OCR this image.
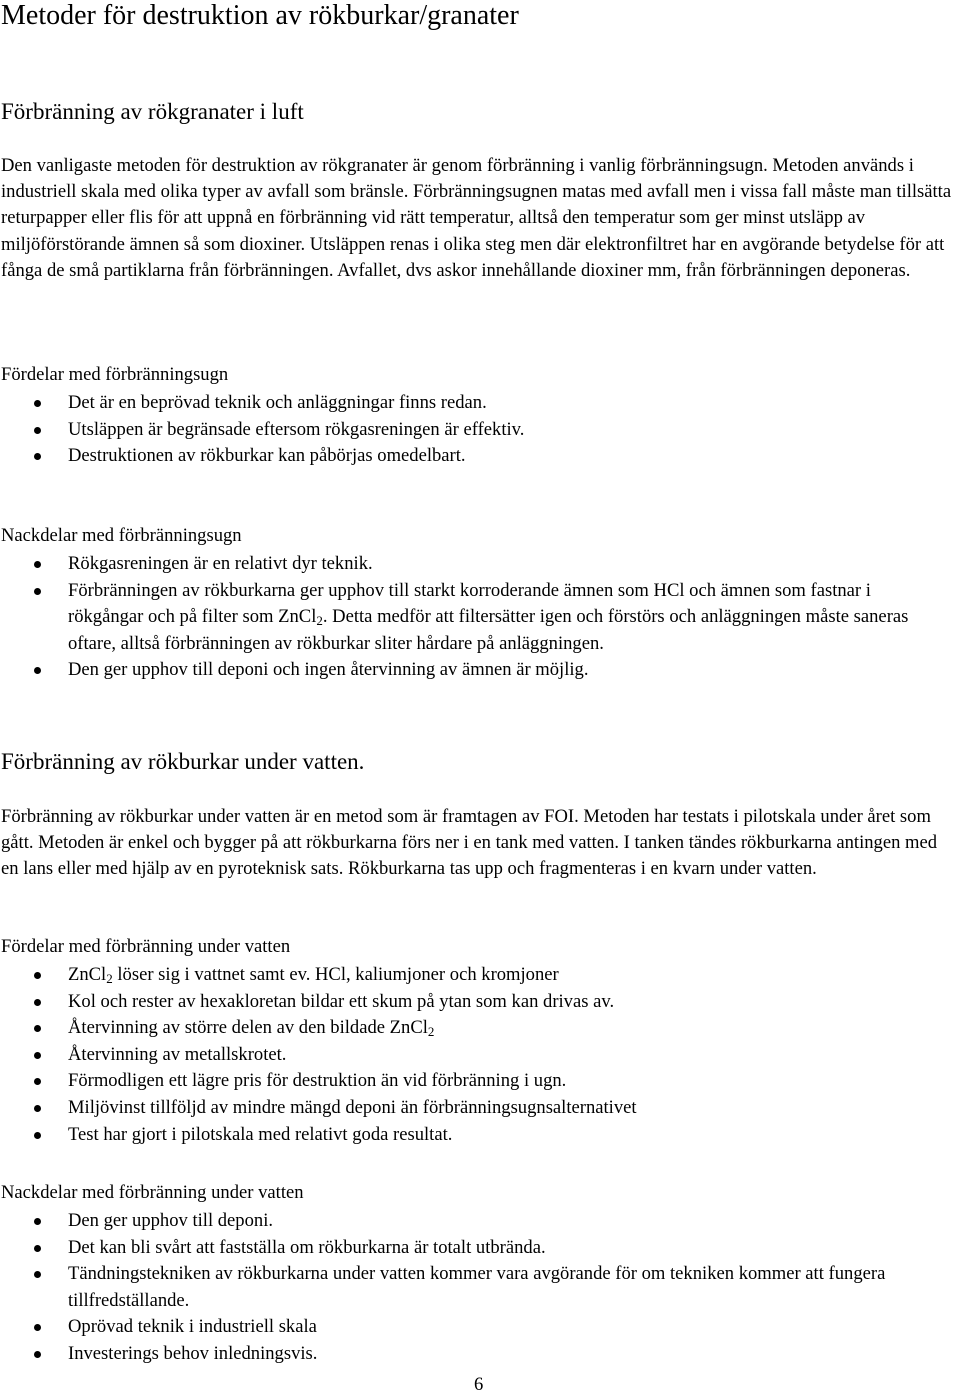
Metoder för destruktion av rökburkar/granater
Förbränning av rökgranater i luft
Den vanligaste metoden för destruktion av rökgranater är genom förbränning i vanlig förbränningsugn. Metoden används i industriell skala med olika typer av avfall som bränsle. Förbränningsugnen matas med avfall men i vissa fall måste man tillsätta returpapper eller flis för att uppnå en förbränning vid rätt temperatur, alltså den temperatur som ger minst utsläpp av miljöförstörande ämnen så som dioxiner. Utsläppen renas i olika steg men där elektronfiltret har en avgörande betydelse för att fånga de små partiklarna från förbränningen. Avfallet, dvs askor innehållande dioxiner mm, från förbränningen deponeras.
Fördelar med förbränningsugn
Det är en beprövad teknik och anläggningar finns redan.
Utsläppen är begränsade eftersom rökgasreningen är effektiv.
Destruktionen av rökburkar kan påbörjas omedelbart.
Nackdelar med förbränningsugn
Rökgasreningen är en relativt dyr teknik.
Förbränningen av rökburkarna ger upphov till starkt korroderande ämnen som HCl och ämnen som fastnar i rökgångar och på filter som ZnCl$_2$. Detta medför att filtersätter igen och förstörs och anläggningen måste saneras oftare, alltså förbränningen av rökburkar sliter hårdare på anläggningen.
Den ger upphov till deponi och ingen återvinning av ämnen är möjlig.
Förbränning av rökburkar under vatten.
Förbränning av rökburkar under vatten är en metod som är framtagen av FOI. Metoden har testats i pilotskala under året som gått. Metoden är enkel och bygger på att rökburkarna förs ner i en tank med vatten. I tanken tändes rökburkarna antingen med en lans eller med hjälp av en pyroteknisk sats. Rökburkarna tas upp och fragmenteras i en kvarn under vatten.
Fördelar med förbränning under vatten
ZnCl$_2$ löser sig i vattnet samt ev. HCl, kaliumjoner och kromjoner
Kol och rester av hexakloretan bildar ett skum på ytan som kan drivas av.
Återvinning av större delen av den bildade ZnCl$_2$
Återvinning av metallskrotet.
Förmodligen ett lägre pris för destruktion än vid förbränning i ugn.
Miljövinst tillföljd av mindre mängd deponi än förbränningsugnsalternativet
Test har gjort i pilotskala med relativt goda resultat.
Nackdelar med förbränning under vatten
Den ger upphov till deponi.
Det kan bli svårt att fastställa om rökburkarna är totalt utbrända.
Tändningstekniken av rökburkarna under vatten kommer vara avgörande för om tekniken kommer att fungera tillfredställande.
Oprövad teknik i industriell skala
Investerings behov inledningsvis.
6
